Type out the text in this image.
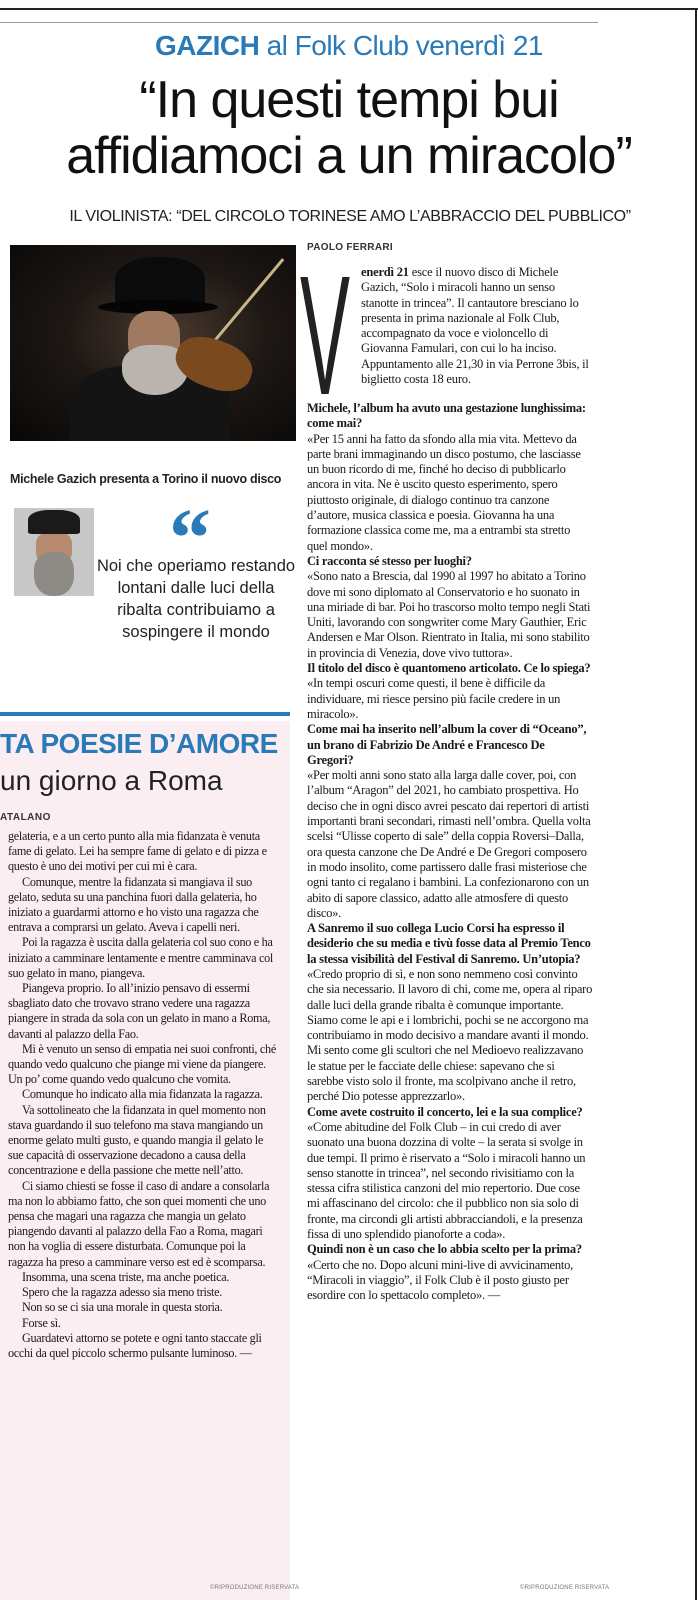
GAZICH al Folk Club venerdì 21
“In questi tempi bui
affidiamoci a un miracolo”
IL VIOLINISTA: “DEL CIRCOLO TORINESE AMO L’ABBRACCIO DEL PUBBLICO”
Michele Gazich presenta a Torino il nuovo disco
“
Noi che operiamo restando lontani dalle luci della ribalta contribuiamo a sospingere il mondo
PAOLO FERRARI
V enerdì 21 esce il nuovo disco di Michele Gazich, “Solo i miracoli hanno un senso stanotte in trincea”. Il cantautore bresciano lo presenta in prima nazionale al Folk Club, accompagnato da voce e violoncello di Giovanna Famulari, con cui lo ha inciso. Appuntamento alle 21,30 in via Perrone 3bis, il biglietto costa 18 euro.

Michele, l’album ha avuto una gestazione lunghissima: come mai?

«Per 15 anni ha fatto da sfondo alla mia vita. Mettevo da parte brani immaginando un disco postumo, che lasciasse un buon ricordo di me, finché ho deciso di pubblicarlo ancora in vita. Ne è uscito questo esperimento, spero piuttosto originale, di dialogo continuo tra canzone d’autore, musica classica e poesia. Giovanna ha una formazione classica come me, ma a entrambi sta stretto quel mondo».

Ci racconta sé stesso per luoghi?

«Sono nato a Brescia, dal 1990 al 1997 ho abitato a Torino dove mi sono diplomato al Conservatorio e ho suonato in una miriade di bar. Poi ho trascorso molto tempo negli Stati Uniti, lavorando con songwriter come Mary Gauthier, Eric Andersen e Mar Olson. Rientrato in Italia, mi sono stabilito in provincia di Venezia, dove vivo tuttora».

Il titolo del disco è quantomeno articolato. Ce lo spiega?

«In tempi oscuri come questi, il bene è difficile da individuare, mi riesce persino più facile credere in un miracolo».

Come mai ha inserito nell’album la cover di “Oceano”, un brano di Fabrizio De André e Francesco De Gregori?

«Per molti anni sono stato alla larga dalle cover, poi, con l’album “Aragon” del 2021, ho cambiato prospettiva. Ho deciso che in ogni disco avrei pescato dai repertori di artisti importanti brani secondari, rimasti nell’ombra. Quella volta scelsi “Ulisse coperto di sale” della coppia Roversi–Dalla, ora questa canzone che De André e De Gregori composero in modo insolito, come partissero dalle frasi misteriose che ogni tanto ci regalano i bambini. La confezionarono con un abito di sapore classico, adatto alle atmosfere di questo disco».

A Sanremo il suo collega Lucio Corsi ha espresso il desiderio che su media e tivù fosse data al Premio Tenco la stessa visibilità del Festival di Sanremo. Un’utopia?

«Credo proprio di sì, e non sono nemmeno così convinto che sia necessario. Il lavoro di chi, come me, opera al riparo dalle luci della grande ribalta è comunque importante. Siamo come le api e i lombrichi, pochi se ne accorgono ma contribuiamo in modo decisivo a mandare avanti il mondo. Mi sento come gli scultori che nel Medioevo realizzavano le statue per le facciate delle chiese: sapevano che si sarebbe visto solo il fronte, ma scolpivano anche il retro, perché Dio potesse apprezzarlo».

Come avete costruito il concerto, lei e la sua complice?

«Come abitudine del Folk Club – in cui credo di aver suonato una buona dozzina di volte – la serata si svolge in due tempi. Il primo è riservato a “Solo i miracoli hanno un senso stanotte in trincea”, nel secondo rivisitiamo con la stessa cifra stilistica canzoni del mio repertorio. Due cose mi affascinano del circolo: che il pubblico non sia solo di fronte, ma circondi gli artisti abbracciandoli, e la presenza fissa di uno splendido pianoforte a coda».

Quindi non è un caso che lo abbia scelto per la prima?

«Certo che no. Dopo alcuni mini-live di avvicinamento, “Miracoli in viaggio”, il Folk Club è il posto giusto per esordire con lo spettacolo completo». —

©RIPRODUZIONE RISERVATA
TA POESIE D’AMORE
un giorno a Roma
ATALANO

gelateria, e a un certo punto alla mia fidanzata è venuta fame di gelato. Lei ha sempre fame di gelato e di pizza e questo è uno dei motivi per cui mi è cara.

Comunque, mentre la fidanzata si mangiava il suo gelato, seduta su una panchina fuori dalla gelateria, ho iniziato a guardarmi attorno e ho visto una ragazza che entrava a comprarsi un gelato. Aveva i capelli neri.

Poi la ragazza è uscita dalla gelateria col suo cono e ha iniziato a camminare lentamente e mentre camminava col suo gelato in mano, piangeva.

Piangeva proprio. Io all’inizio pensavo di essermi sbagliato dato che trovavo strano vedere una ragazza piangere in strada da sola con un gelato in mano a Roma, davanti al palazzo della Fao.

Mi è venuto un senso di empatia nei suoi confronti, ché quando vedo qualcuno che piange mi viene da piangere. Un po’ come quando vedo qualcuno che vomita.

Comunque ho indicato alla mia fidanzata la ragazza.

Va sottolineato che la fidanzata in quel momento non stava guardando il suo telefono ma stava mangiando un enorme gelato multi gusto, e quando mangia il gelato le sue capacità di osservazione decadono a causa della concentrazione e della passione che mette nell’atto.

Ci siamo chiesti se fosse il caso di andare a consolarla ma non lo abbiamo fatto, che son quei momenti che uno pensa che magari una ragazza che mangia un gelato piangendo davanti al palazzo della Fao a Roma, magari non ha voglia di essere disturbata. Comunque poi la ragazza ha preso a camminare verso est ed è scomparsa.

Insomma, una scena triste, ma anche poetica.

Spero che la ragazza adesso sia meno triste.

Non so se ci sia una morale in questa storia.

Forse sì.

Guardatevi attorno se potete e ogni tanto staccate gli occhi da quel piccolo schermo pulsante luminoso. —

©RIPRODUZIONE RISERVATA
